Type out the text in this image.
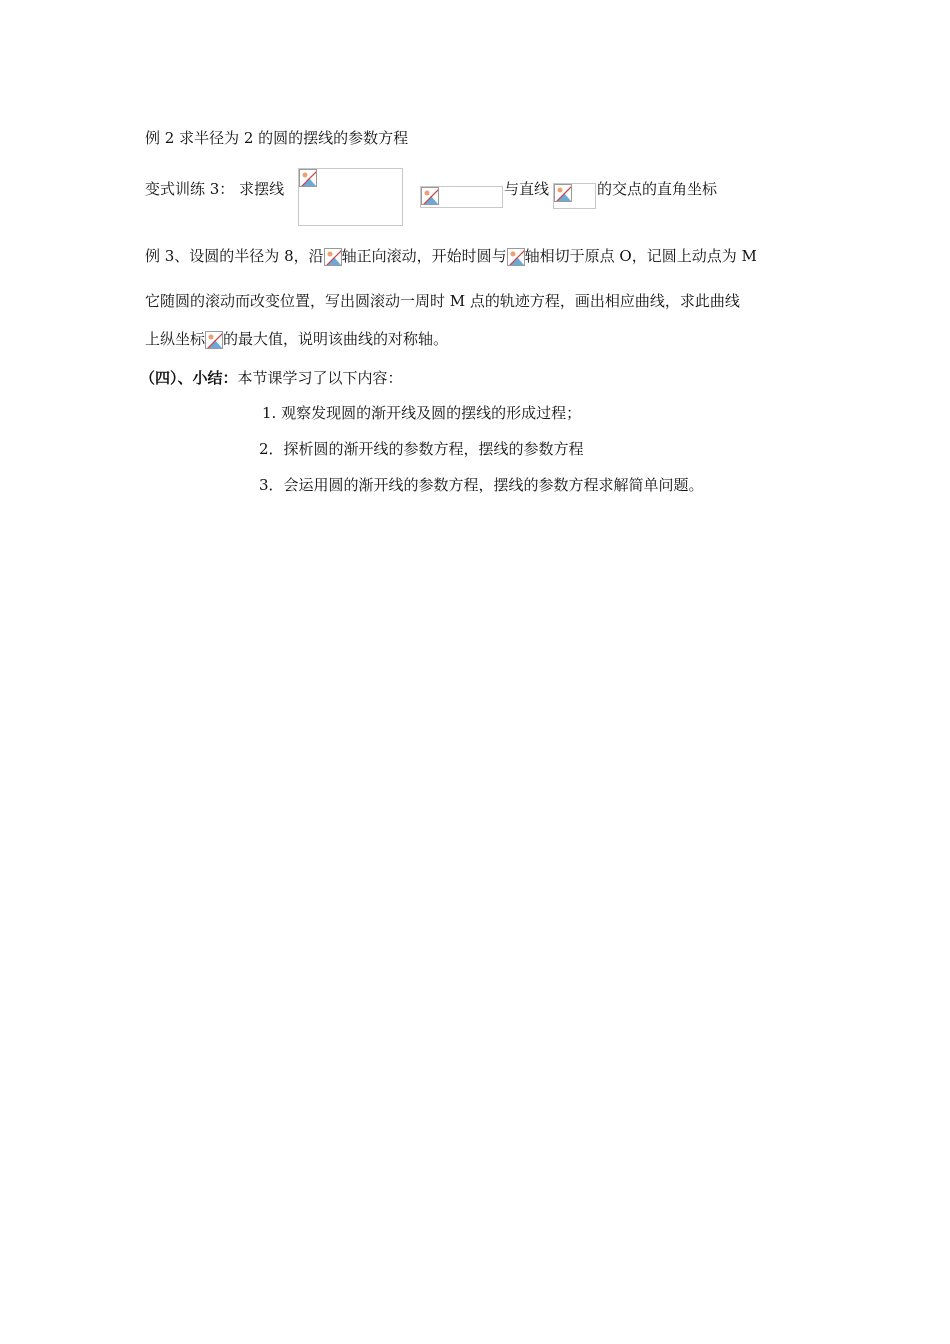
例 2 求半径为 2 的圆的摆线的参数方程
变式训练 3： 求摆线	与直线	的交点的直角坐标
例 3、设圆的半径为 8，沿 轴正向滚动，开始时圆与 轴相切于原点 O，记圆上动点为 M
它随圆的滚动而改变位置，写出圆滚动一周时 M 点的轨迹方程，画出相应曲线，求此曲线
上纵坐标 的最大值，说明该曲线的对称轴。
（四）、小结：本节课学习了以下内容：
1. 观察发现圆的渐开线及圆的摆线的形成过程；
2．探析圆的渐开线的参数方程，摆线的参数方程
3．会运用圆的渐开线的参数方程，摆线的参数方程求解简单问题。
